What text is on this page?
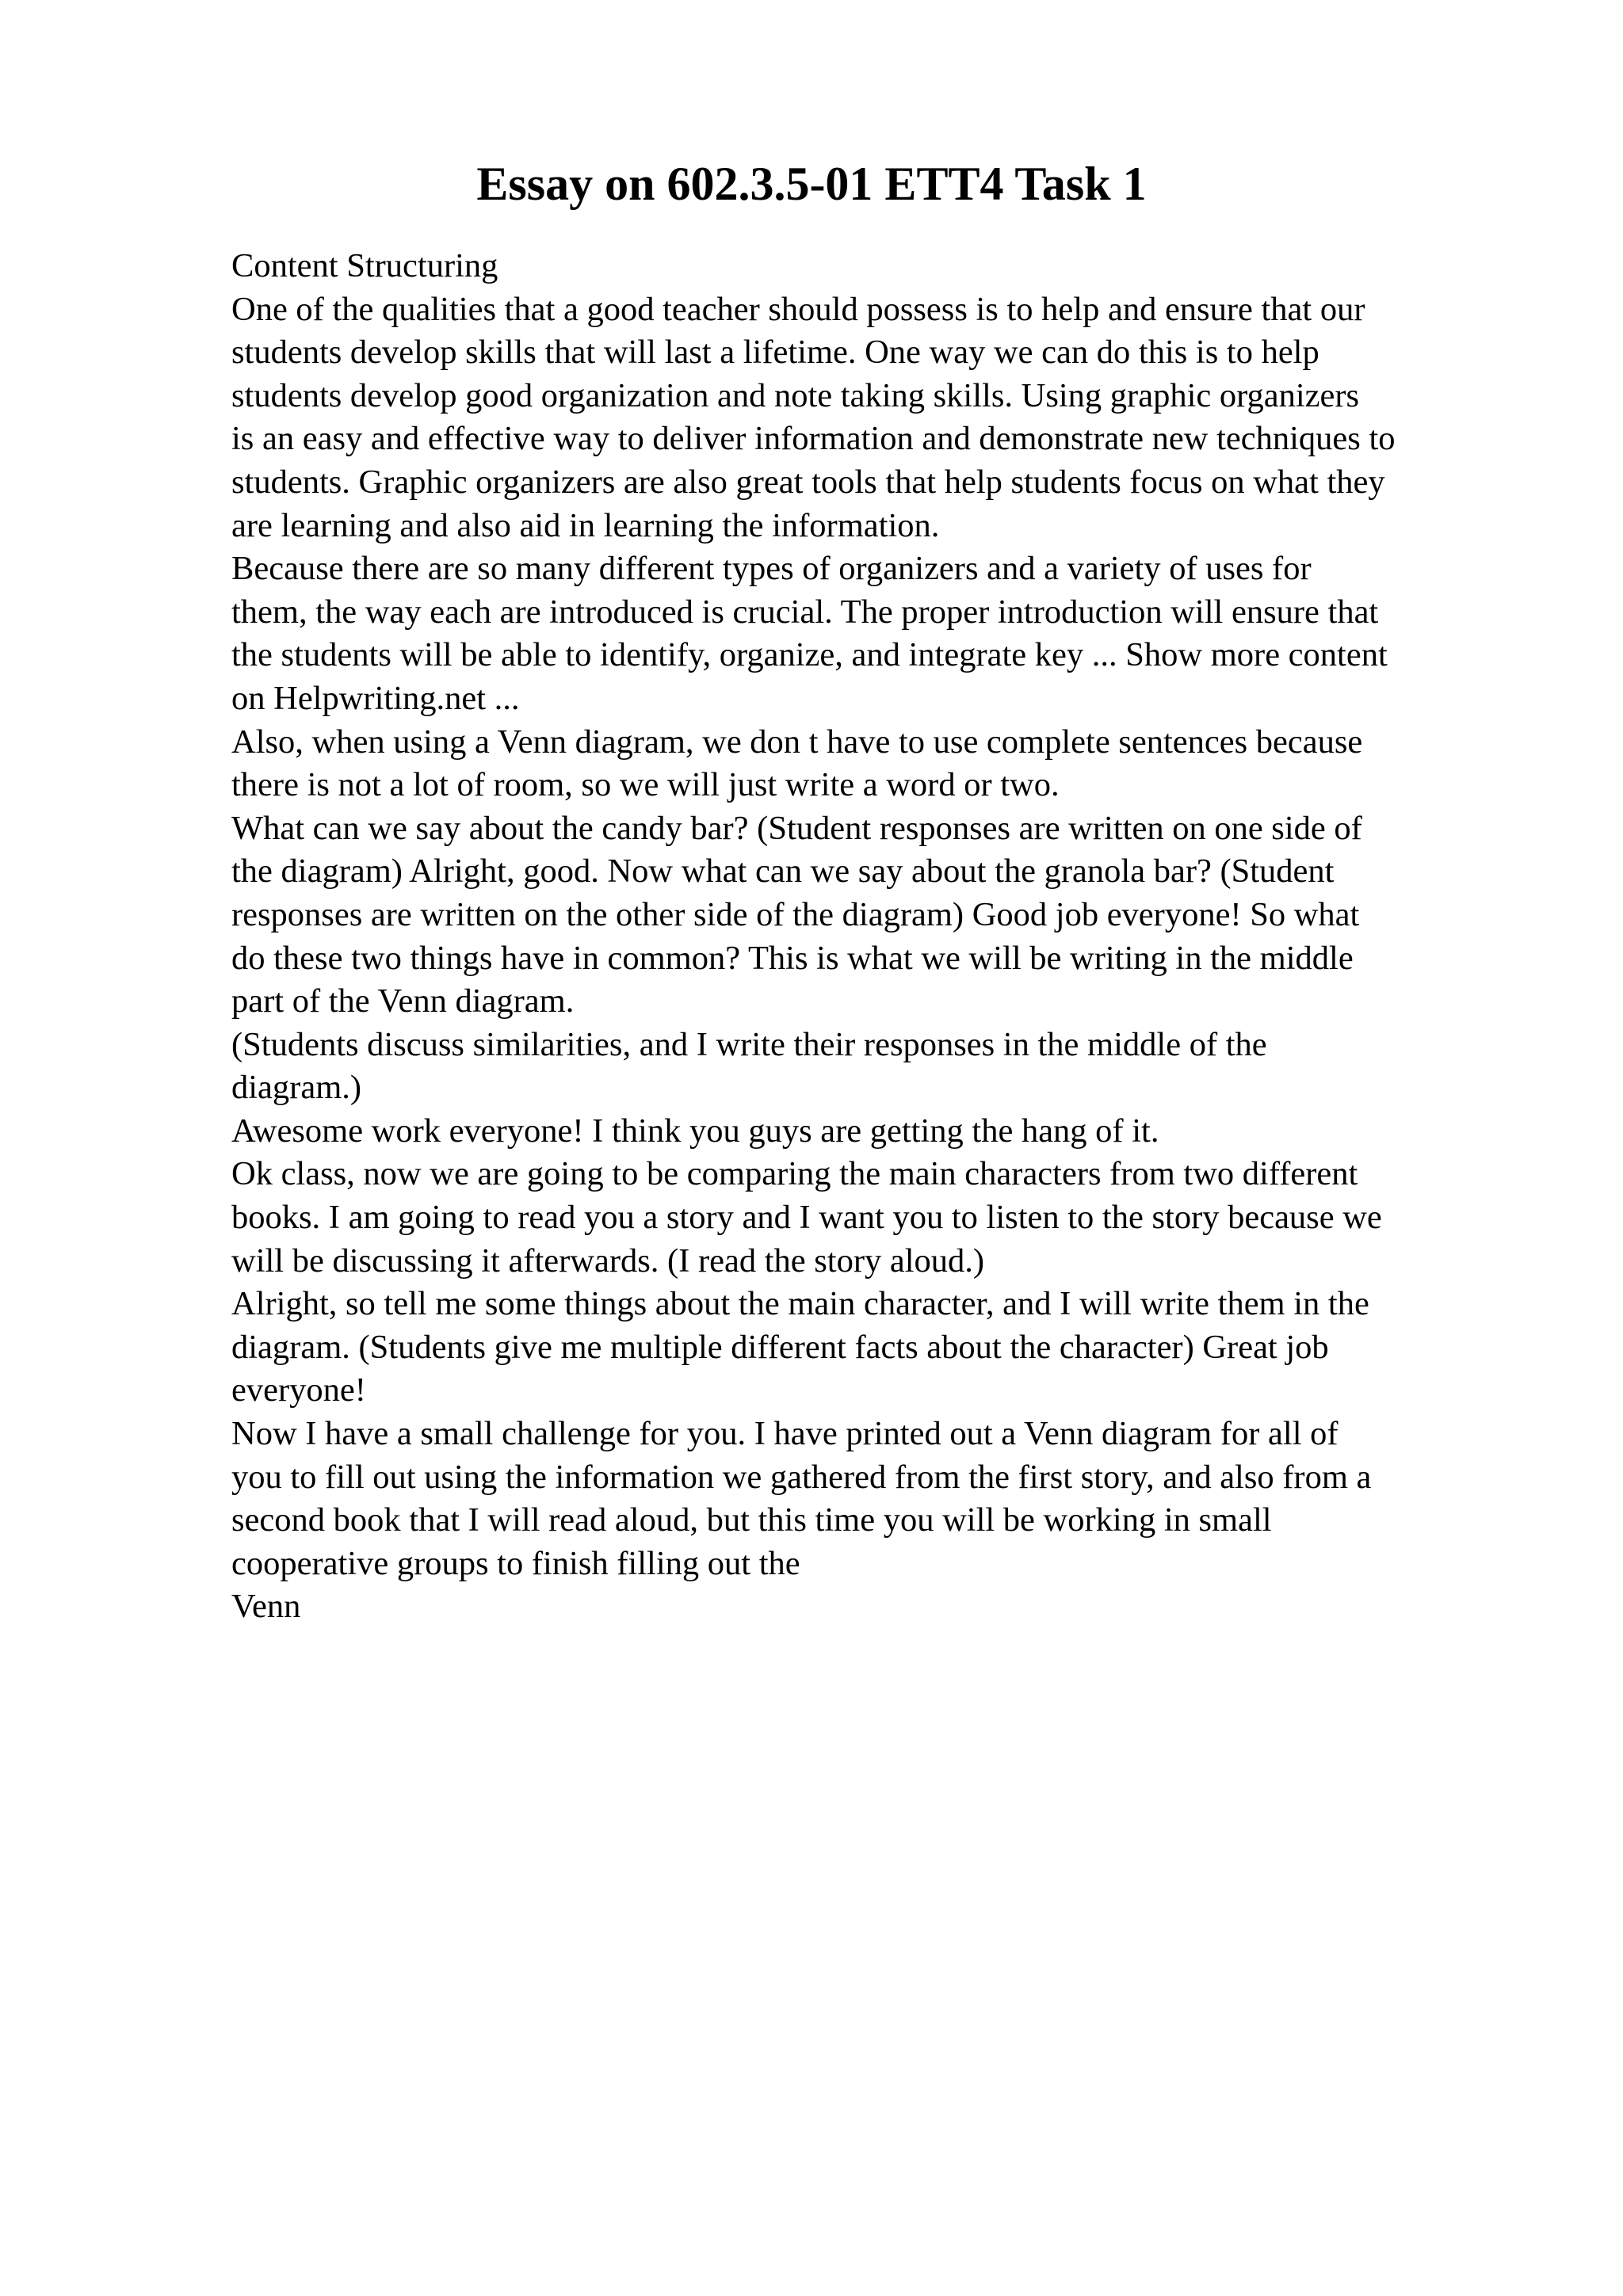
Essay on 602.3.5-01 ETT4 Task 1
Content Structuring
One of the qualities that a good teacher should possess is to help and ensure that our
students develop skills that will last a lifetime. One way we can do this is to help
students develop good organization and note taking skills. Using graphic organizers
is an easy and effective way to deliver information and demonstrate new techniques to
students. Graphic organizers are also great tools that help students focus on what they
are learning and also aid in learning the information.
Because there are so many different types of organizers and a variety of uses for
them, the way each are introduced is crucial. The proper introduction will ensure that
the students will be able to identify, organize, and integrate key ... Show more content
on Helpwriting.net ...
Also, when using a Venn diagram, we don t have to use complete sentences because
there is not a lot of room, so we will just write a word or two.
What can we say about the candy bar? (Student responses are written on one side of
the diagram) Alright, good. Now what can we say about the granola bar? (Student
responses are written on the other side of the diagram) Good job everyone! So what
do these two things have in common? This is what we will be writing in the middle
part of the Venn diagram.
(Students discuss similarities, and I write their responses in the middle of the
diagram.)
Awesome work everyone! I think you guys are getting the hang of it.
Ok class, now we are going to be comparing the main characters from two different
books. I am going to read you a story and I want you to listen to the story because we
will be discussing it afterwards. (I read the story aloud.)
Alright, so tell me some things about the main character, and I will write them in the
diagram. (Students give me multiple different facts about the character) Great job
everyone!
Now I have a small challenge for you. I have printed out a Venn diagram for all of
you to fill out using the information we gathered from the first story, and also from a
second book that I will read aloud, but this time you will be working in small
cooperative groups to finish filling out the
Venn
